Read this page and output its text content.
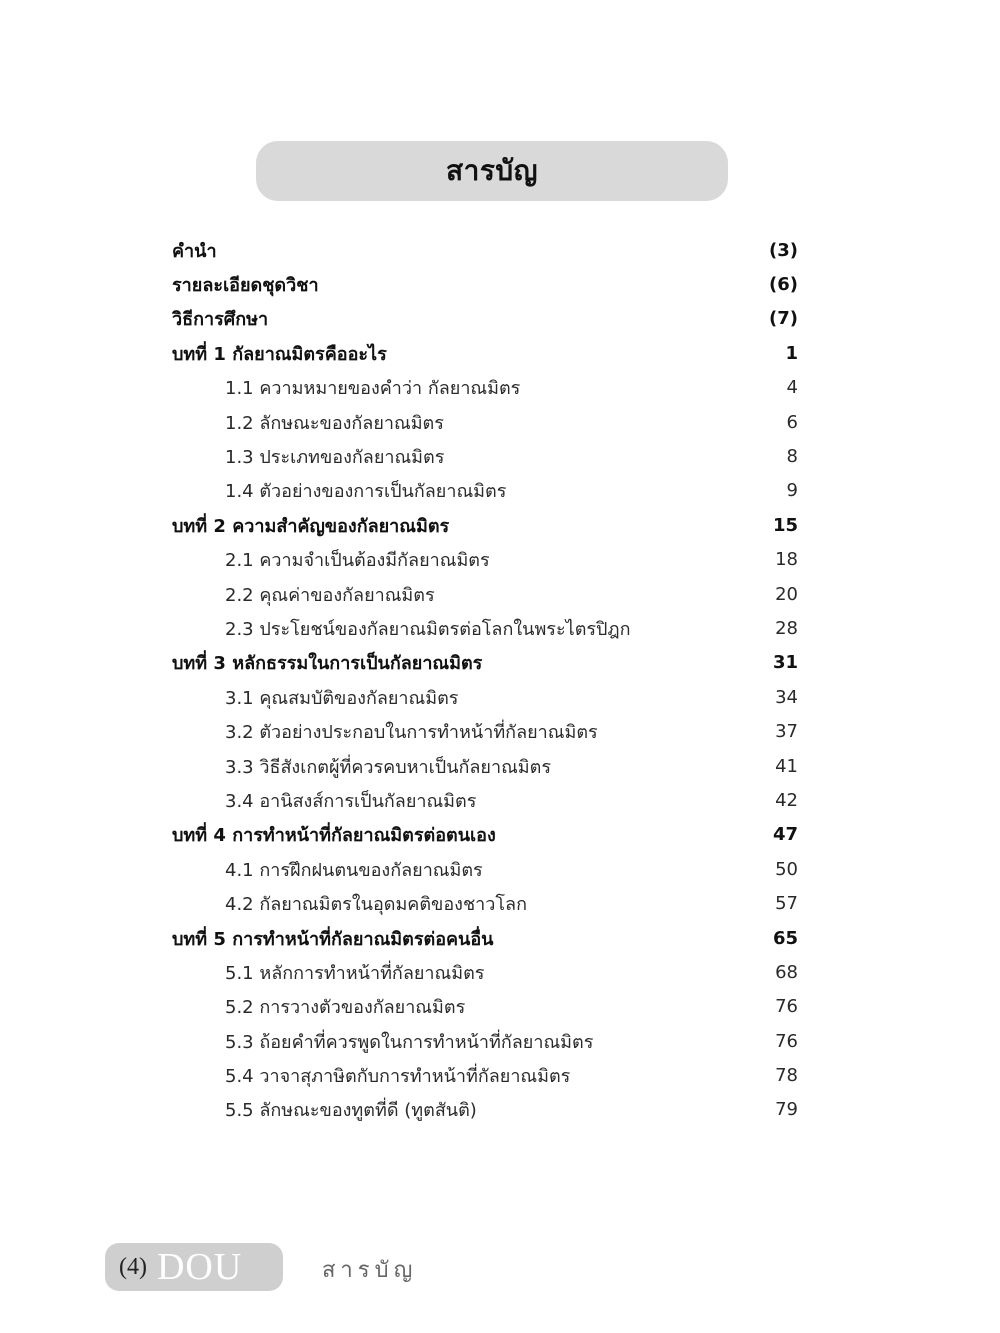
สารบัญ
คำนำ	(3)
รายละเอียดชุดวิชา	(6)
วิธีการศึกษา	(7)
บทที่ 1 กัลยาณมิตรคืออะไร	1
1.1 ความหมายของคำว่า กัลยาณมิตร	4
1.2 ลักษณะของกัลยาณมิตร	6
1.3 ประเภทของกัลยาณมิตร	8
1.4 ตัวอย่างของการเป็นกัลยาณมิตร	9
บทที่ 2 ความสำคัญของกัลยาณมิตร	15
2.1 ความจำเป็นต้องมีกัลยาณมิตร	18
2.2 คุณค่าของกัลยาณมิตร	20
2.3 ประโยชน์ของกัลยาณมิตรต่อโลกในพระไตรปิฎก	28
บทที่ 3 หลักธรรมในการเป็นกัลยาณมิตร	31
3.1 คุณสมบัติของกัลยาณมิตร	34
3.2 ตัวอย่างประกอบในการทำหน้าที่กัลยาณมิตร	37
3.3 วิธีสังเกตผู้ที่ควรคบหาเป็นกัลยาณมิตร	41
3.4 อานิสงส์การเป็นกัลยาณมิตร	42
บทที่ 4 การทำหน้าที่กัลยาณมิตรต่อตนเอง	47
4.1 การฝึกฝนตนของกัลยาณมิตร	50
4.2 กัลยาณมิตรในอุดมคติของชาวโลก	57
บทที่ 5 การทำหน้าที่กัลยาณมิตรต่อคนอื่น	65
5.1 หลักการทำหน้าที่กัลยาณมิตร	68
5.2 การวางตัวของกัลยาณมิตร	76
5.3 ถ้อยคำที่ควรพูดในการทำหน้าที่กัลยาณมิตร	76
5.4 วาจาสุภาษิตกับการทำหน้าที่กัลยาณมิตร	78
5.5 ลักษณะของทูตที่ดี (ทูตสันติ)	79
(4) DOU	สารบัญ
